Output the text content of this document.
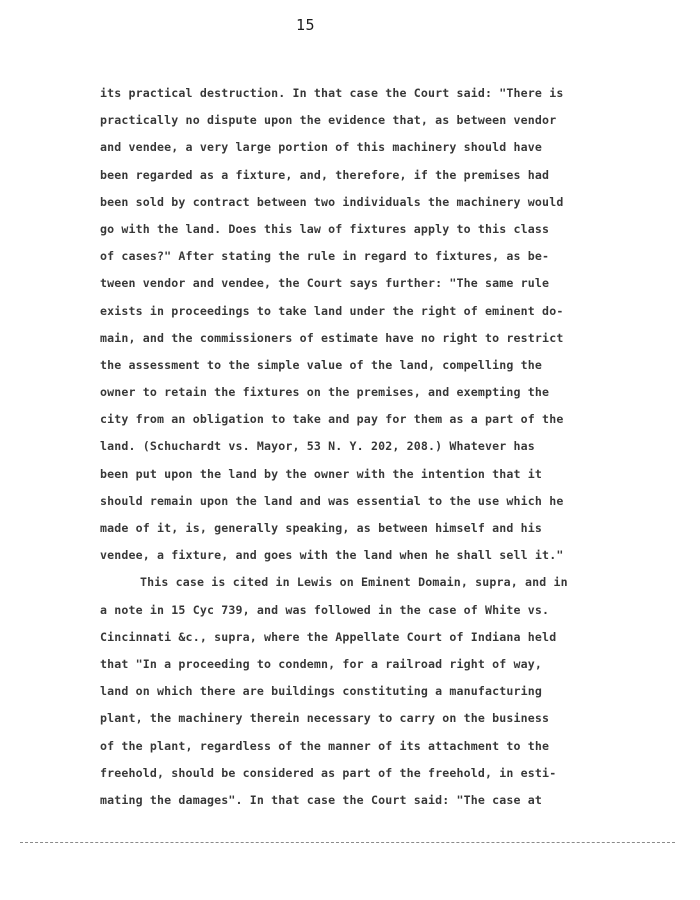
15
its practical destruction. In that case the Court said: "There is
practically no dispute upon the evidence that, as between vendor
and vendee, a very large portion of this machinery should have
been regarded as a fixture, and, therefore, if the premises had
been sold by contract between two individuals the machinery would
go with the land. Does this law of fixtures apply to this class
of cases?" After stating the rule in regard to fixtures, as be-
tween vendor and vendee, the Court says further: "The same rule
exists in proceedings to take land under the right of eminent do-
main, and the commissioners of estimate have no right to restrict
the assessment to the simple value of the land, compelling the
owner to retain the fixtures on the premises, and exempting the
city from an obligation to take and pay for them as a part of the
land. (Schuchardt vs. Mayor, 53 N. Y. 202, 208.) Whatever has
been put upon the land by the owner with the intention that it
should remain upon the land and was essential to the use which he
made of it, is, generally speaking, as between himself and his
vendee, a fixture, and goes with the land when he shall sell it."
This case is cited in Lewis on Eminent Domain, supra, and in
a note in 15 Cyc 739, and was followed in the case of White vs.
Cincinnati &c., supra, where the Appellate Court of Indiana held
that "In a proceeding to condemn, for a railroad right of way,
land on which there are buildings constituting a manufacturing
plant, the machinery therein necessary to carry on the business
of the plant, regardless of the manner of its attachment to the
freehold, should be considered as part of the freehold, in esti-
mating the damages". In that case the Court said: "The case at
